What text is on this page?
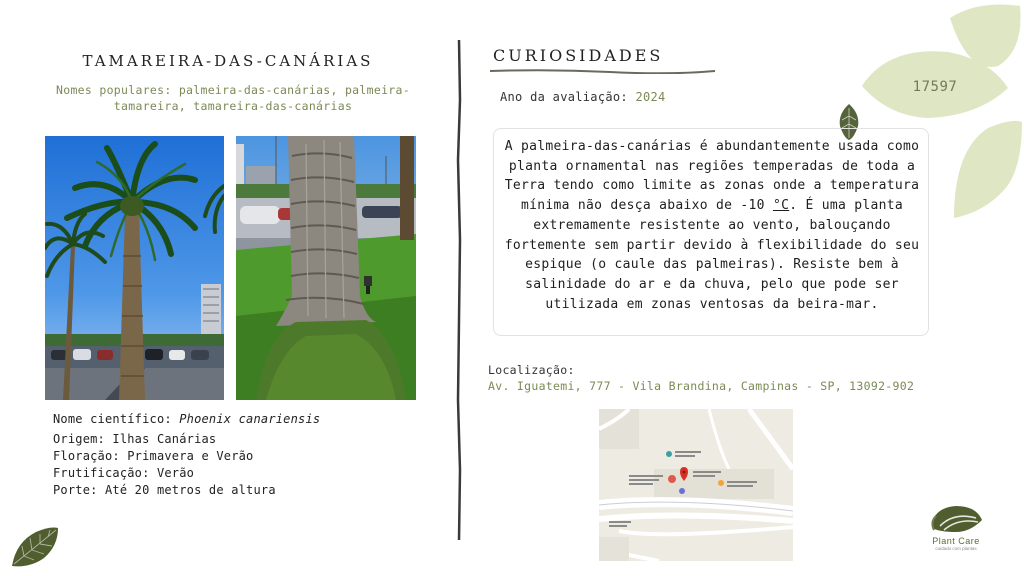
TAMAREIRA-DAS-CANÁRIAS
Nomes populares: palmeira-das-canárias, palmeira-tamareira, tamareira-das-canárias
Nome científico: Phoenix canariensis
Origem: Ilhas Canárias
Floração: Primavera e Verão
Frutificação: Verão
Porte: Até 20 metros de altura
CURIOSIDADES
Ano da avaliação: 2024
A palmeira-das-canárias é abundantemente usada como planta ornamental nas regiões temperadas de toda a Terra tendo como limite as zonas onde a temperatura mínima não desça abaixo de -10 °C. É uma planta extremamente resistente ao vento, balouçando fortemente sem partir devido à flexibilidade do seu espique (o caule das palmeiras). Resiste bem à salinidade do ar e da chuva, pelo que pode ser utilizada em zonas ventosas da beira-mar.
Localização:
Av. Iguatemi, 777 - Vila Brandina, Campinas - SP, 13092-902
17597
Plant Care
cuidado com plantas
